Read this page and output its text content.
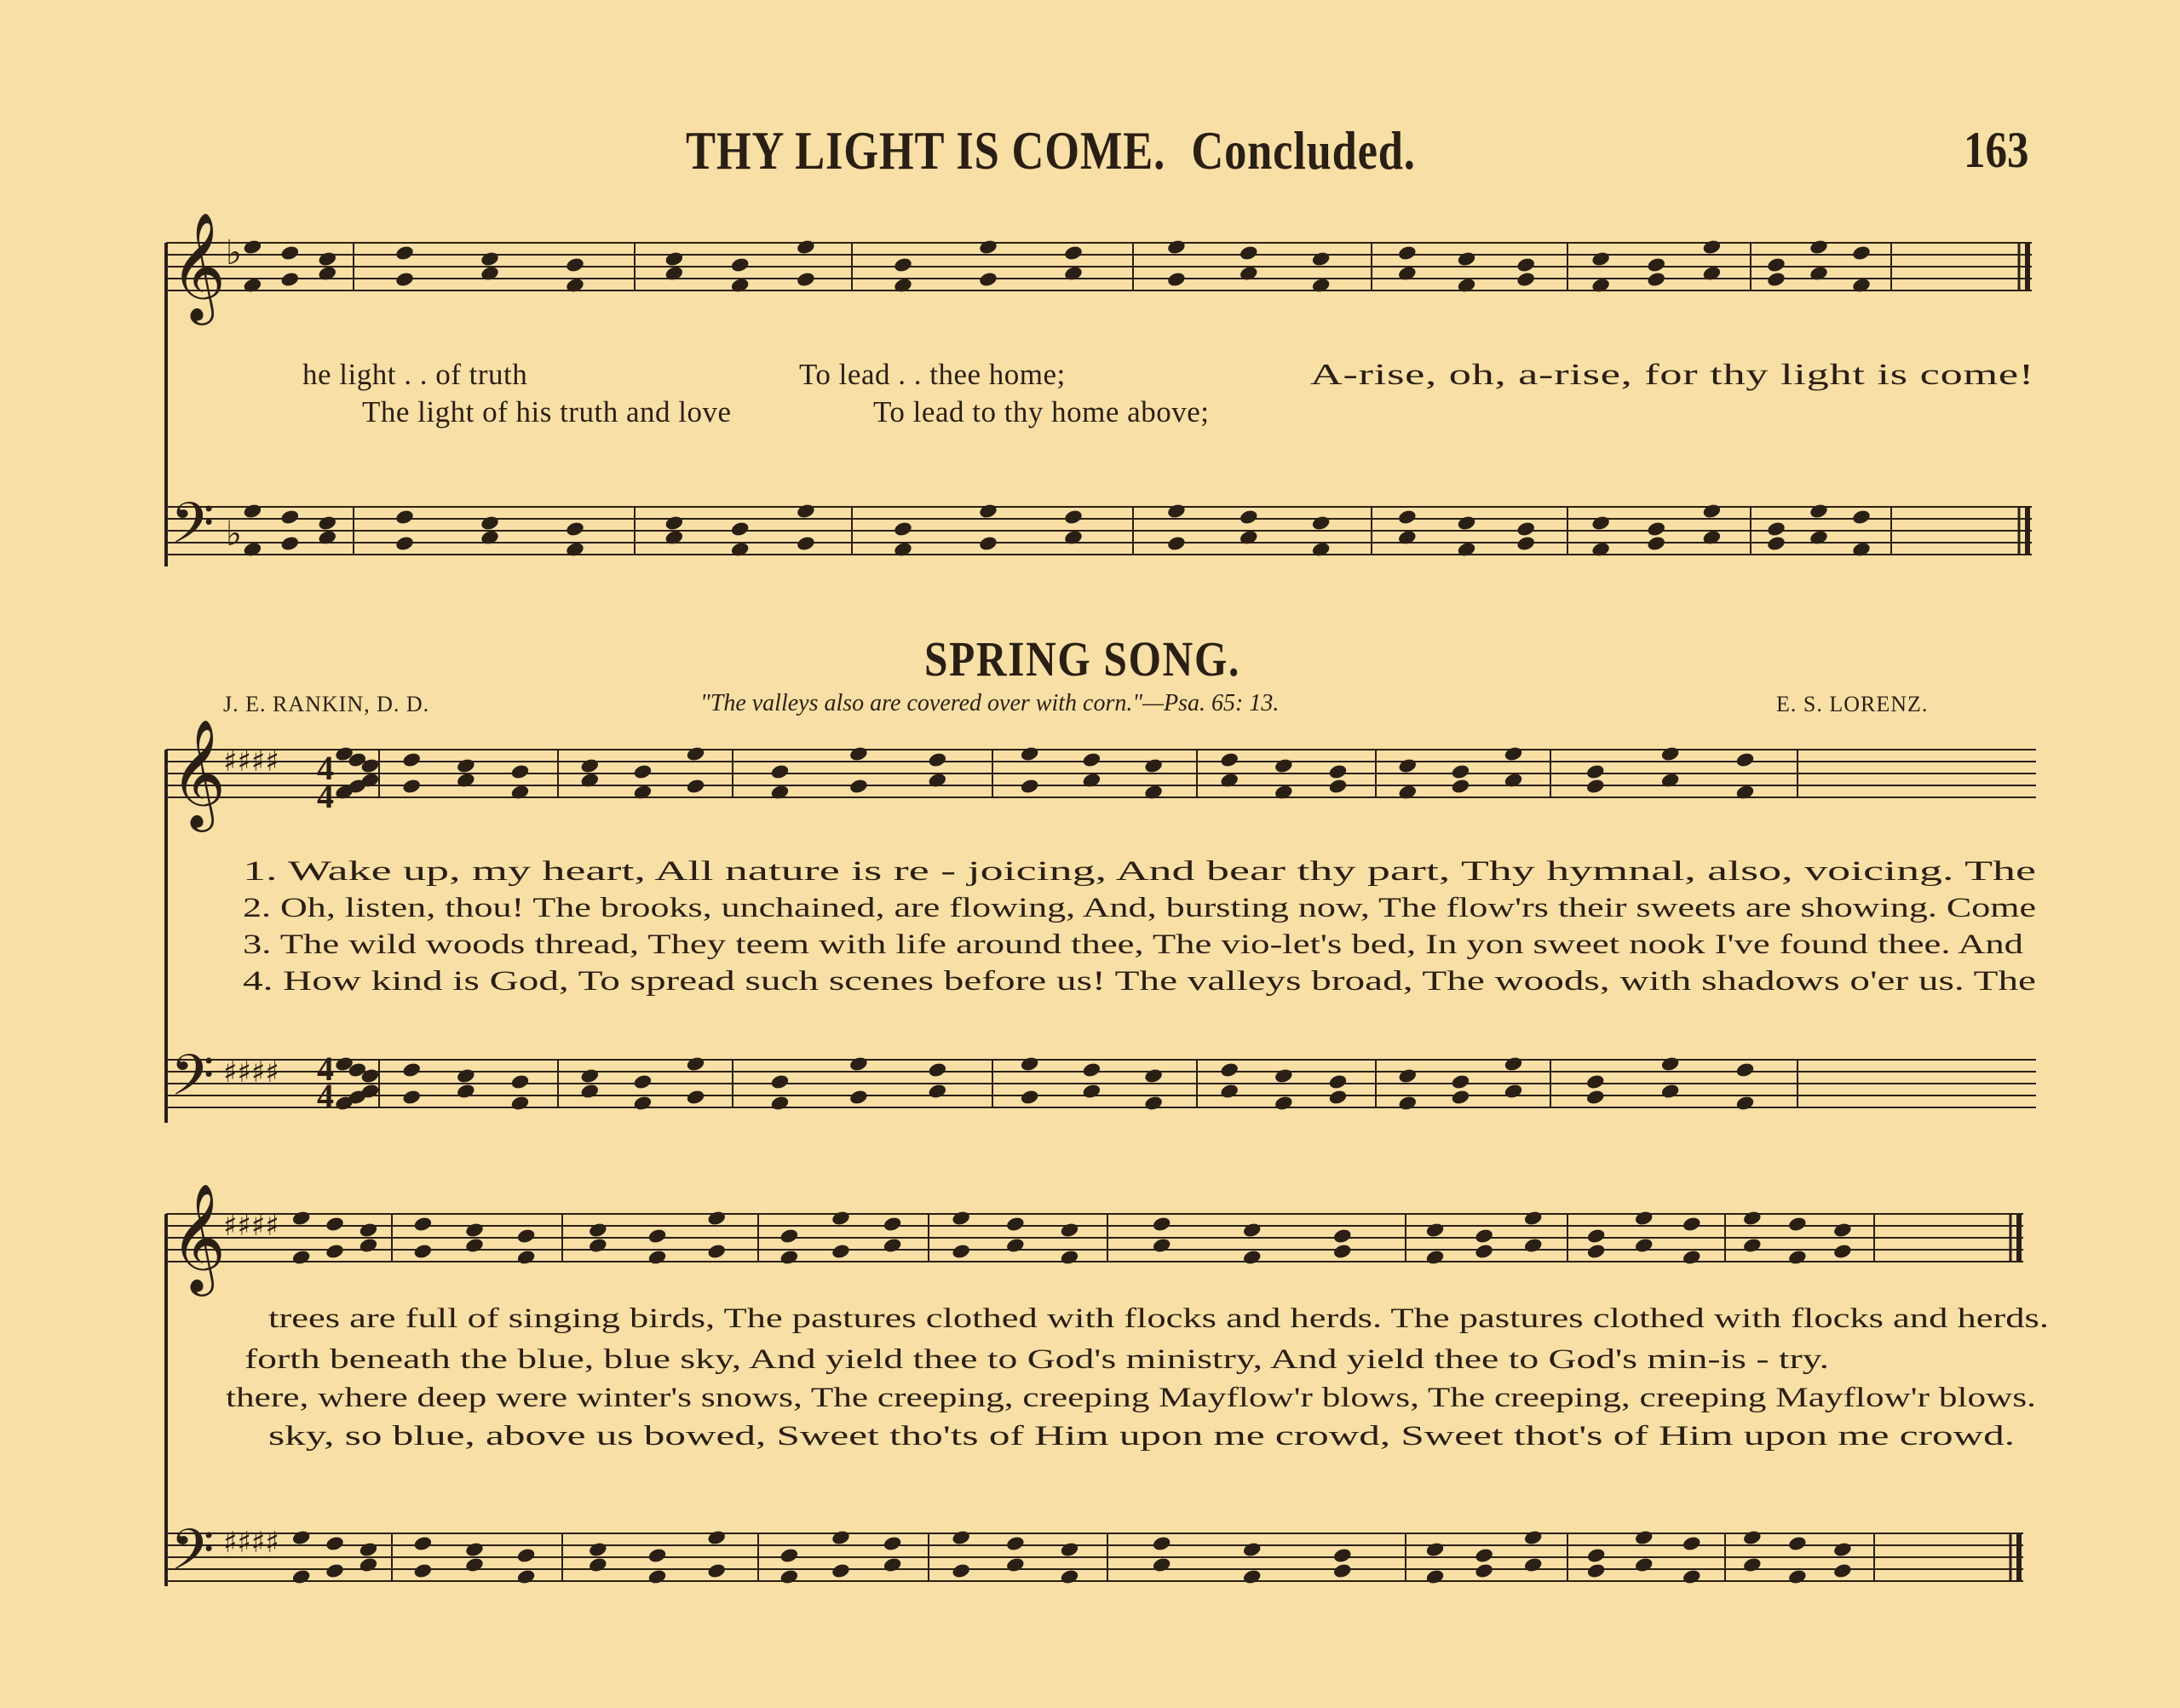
THY LIGHT IS COME. Concluded.	163
𝄞
𝄢
𝄞
𝄢
𝄞
𝄢
♭
♭
♯♯♯♯ 4
4
♯♯♯♯ 4
4
♯♯♯♯
♯♯♯♯
he light . . of truth	To lead . . thee home;	A-rise, oh, a-rise, for thy light is come!
The light of his truth and love	To lead to thy home above;
SPRING SONG.
J. E. RANKIN, D. D.	"The valleys also are covered over with corn."—Psa. 65: 13.	E. S. LORENZ.
1. Wake up, my heart, All nature is re - joicing, And bear thy part, Thy hymnal, also, voicing. The
2. Oh, listen, thou! The brooks, unchained, are flowing, And, bursting now, The flow'rs their sweets are showing. Come
3. The wild woods thread, They teem with life around thee, The vio-let's bed, In yon sweet nook I've found thee. And
4. How kind is God, To spread such scenes before us! The valleys broad, The woods, with shadows o'er us. The
trees are full of singing birds, The pastures clothed with flocks and herds. The pastures clothed with flocks and herds.
forth beneath the blue, blue sky, And yield thee to God's ministry, And yield thee to God's min-is - try.
there, where deep were winter's snows, The creeping, creeping Mayflow'r blows, The creeping, creeping Mayflow'r blows.
sky, so blue, above us bowed, Sweet tho'ts of Him upon me crowd, Sweet thot's of Him upon me crowd.
